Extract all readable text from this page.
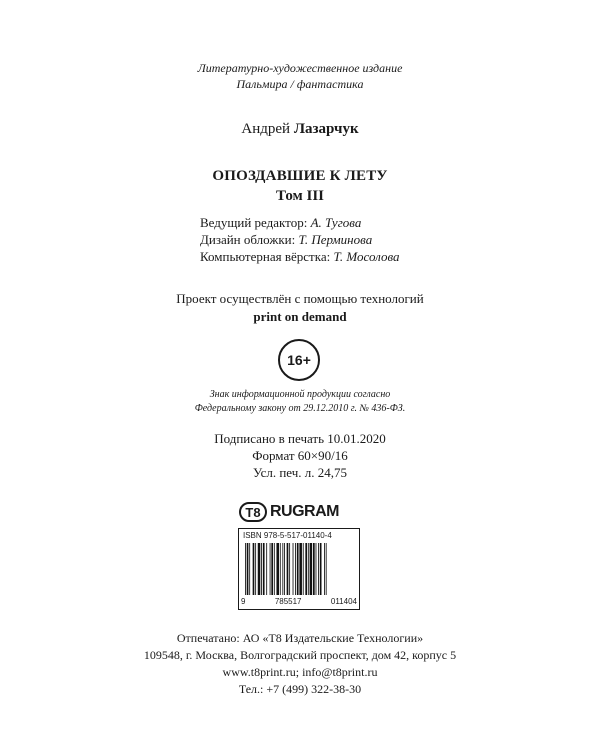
Литературно-художественное издание
Пальмира / фантастика
Андрей Лазарчук
ОПОЗДАВШИЕ К ЛЕТУ
Том III
Ведущий редактор: А. Тугова
Дизайн обложки: Т. Перминова
Компьютерная вёрстка: Т. Мосолова
Проект осуществлён с помощью технологий
print on demand
16+
Знак информационной продукции согласно
Федеральному закону от 29.12.2010 г. № 436-ФЗ.
Подписано в печать 10.01.2020
Формат 60×90/16
Усл. печ. л. 24,75
T8 RUGRAM
ISBN 978-5-517-01140-4
9	785517	011404
Отпечатано: АО «Т8 Издательские Технологии»
109548, г. Москва, Волгоградский проспект, дом 42, корпус 5
www.t8print.ru; info@t8print.ru
Тел.: +7 (499) 322-38-30
